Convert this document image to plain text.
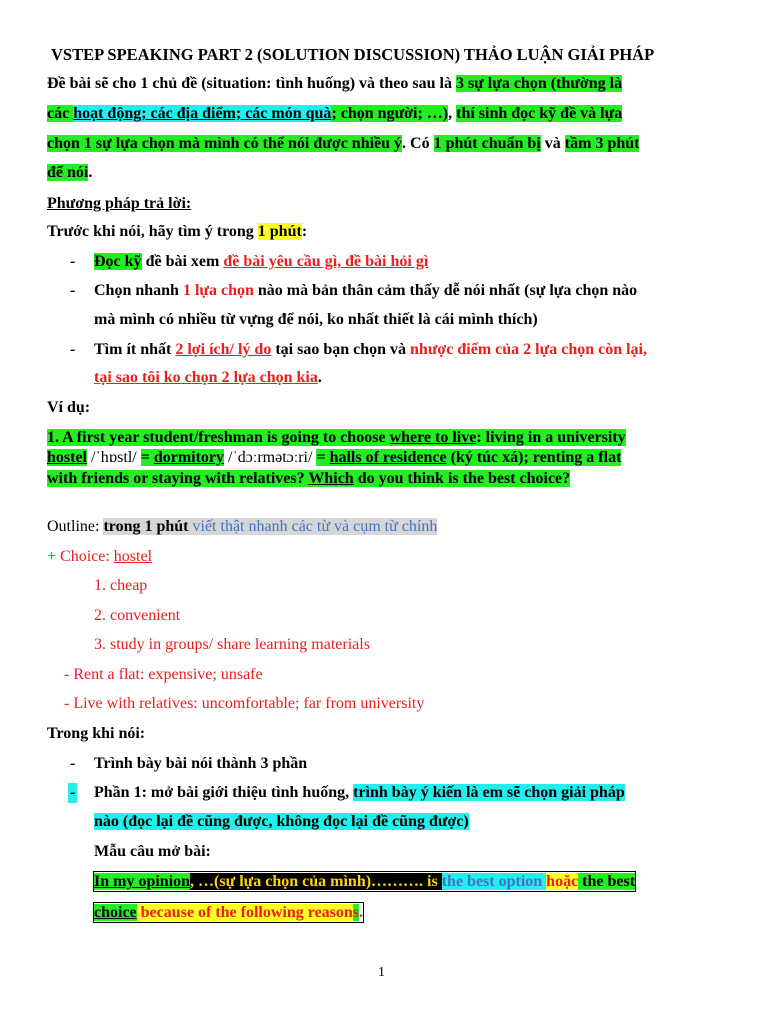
VSTEP SPEAKING PART 2 (SOLUTION DISCUSSION) THẢO LUẬN GIẢI PHÁP
Đề bài sẽ cho 1 chủ đề (situation: tình huống) và theo sau là 3 sự lựa chọn (thường là
các hoạt động; các địa điểm; các món quà; chọn người; …), thí sinh đọc kỹ đề và lựa
chọn 1 sự lựa chọn mà mình có thể nói được nhiều ý. Có 1 phút chuẩn bị và tầm 3 phút
để nói.
Phương pháp trả lời:
Trước khi nói, hãy tìm ý trong 1 phút:
- Đọc kỹ đề bài xem đề bài yêu cầu gì, đề bài hỏi gì
- Chọn nhanh 1 lựa chọn nào mà bản thân cảm thấy dễ nói nhất (sự lựa chọn nào
mà mình có nhiều từ vựng để nói, ko nhất thiết là cái mình thích)
- Tìm ít nhất 2 lợi ích/ lý do tại sao bạn chọn và nhược điểm của 2 lựa chọn còn lại,
tại sao tôi ko chọn 2 lựa chọn kia.
Ví dụ:
1. A first year student/freshman is going to choose where to live: living in a university
hostel /ˈhɒstl/ = dormitory /ˈdɔːrmətɔːri/ = halls of residence (ký túc xá); renting a flat
with friends or staying with relatives? Which do you think is the best choice?
Outline: trong 1 phút viết thật nhanh các từ và cụm từ chính
+ Choice: hostel
1. cheap
2. convenient
3. study in groups/ share learning materials
- Rent a flat: expensive; unsafe
- Live with relatives: uncomfortable; far from university
Trong khi nói:
- Trình bày bài nói thành 3 phần
- Phần 1: mở bài giới thiệu tình huống, trình bày ý kiến là em sẽ chọn giải pháp
nào (đọc lại đề cũng được, không đọc lại đề cũng được)
Mẫu câu mở bài:
In my opinion, …(sự lựa chọn của mình)………. is the best option hoặc the best
choice because of the following reasons.
1
